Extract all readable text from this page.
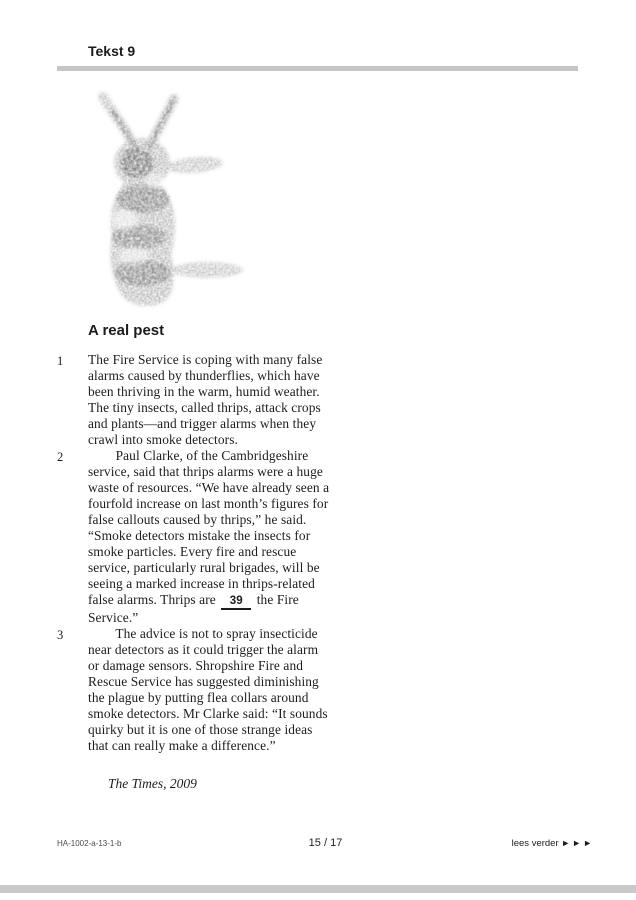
Tekst 9
A real pest
1	The Fire Service is coping with many false
alarms caused by thunderflies, which have
been thriving in the warm, humid weather.
The tiny insects, called thrips, attack crops
and plants—and trigger alarms when they
crawl into smoke detectors.
2	Paul Clarke, of the Cambridgeshire
service, said that thrips alarms were a huge
waste of resources. “We have already seen a
fourfold increase on last month’s figures for
false callouts caused by thrips,” he said.
“Smoke detectors mistake the insects for
smoke particles. Every fire and rescue
service, particularly rural brigades, will be
seeing a marked increase in thrips-related
false alarms. Thrips are 39 the Fire
Service.”
3	The advice is not to spray insecticide
near detectors as it could trigger the alarm
or damage sensors. Shropshire Fire and
Rescue Service has suggested diminishing
the plague by putting flea collars around
smoke detectors. Mr Clarke said: “It sounds
quirky but it is one of those strange ideas
that can really make a difference.”
The Times, 2009
HA-1002-a-13-1-b	15 / 17	lees verder ►►►
